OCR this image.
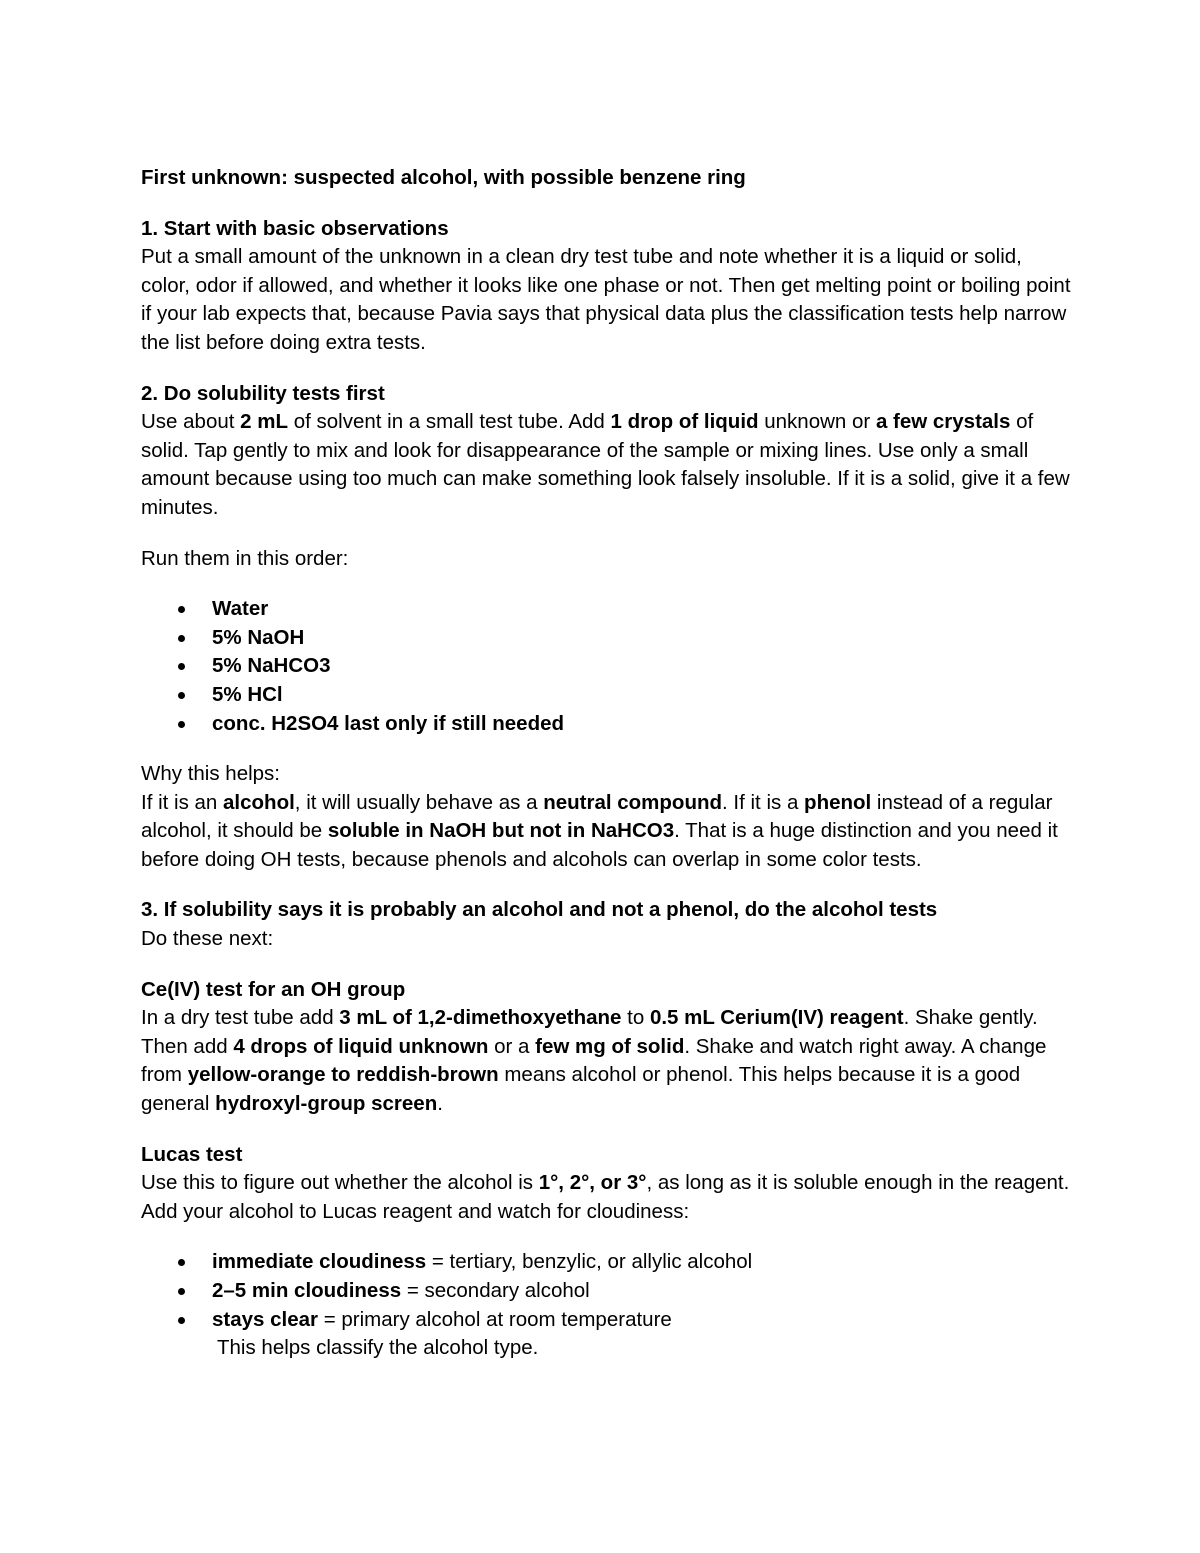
First unknown: suspected alcohol, with possible benzene ring

1. Start with basic observations

Put a small amount of the unknown in a clean dry test tube and note whether it is a liquid or solid, color, odor if allowed, and whether it looks like one phase or not. Then get melting point or boiling point if your lab expects that, because Pavia says that physical data plus the classification tests help narrow the list before doing extra tests.

2. Do solubility tests first

Use about 2 mL of solvent in a small test tube. Add 1 drop of liquid unknown or a few crystals of solid. Tap gently to mix and look for disappearance of the sample or mixing lines. Use only a small amount because using too much can make something look falsely insoluble. If it is a solid, give it a few minutes.

Run them in this order:

Water
5% NaOH
5% NaHCO3
5% HCl
conc. H2SO4 last only if still needed

Why this helps:

If it is an alcohol, it will usually behave as a neutral compound. If it is a phenol instead of a regular alcohol, it should be soluble in NaOH but not in NaHCO3. That is a huge distinction and you need it before doing OH tests, because phenols and alcohols can overlap in some color tests.

3. If solubility says it is probably an alcohol and not a phenol, do the alcohol tests

Do these next:

Ce(IV) test for an OH group

In a dry test tube add 3 mL of 1,2-dimethoxyethane to 0.5 mL Cerium(IV) reagent. Shake gently. Then add 4 drops of liquid unknown or a few mg of solid. Shake and watch right away. A change from yellow-orange to reddish-brown means alcohol or phenol. This helps because it is a good general hydroxyl-group screen.

Lucas test

Use this to figure out whether the alcohol is 1°, 2°, or 3°, as long as it is soluble enough in the reagent. Add your alcohol to Lucas reagent and watch for cloudiness:

immediate cloudiness = tertiary, benzylic, or allylic alcohol
2–5 min cloudiness = secondary alcohol
stays clear = primary alcohol at room temperature

This helps classify the alcohol type.
